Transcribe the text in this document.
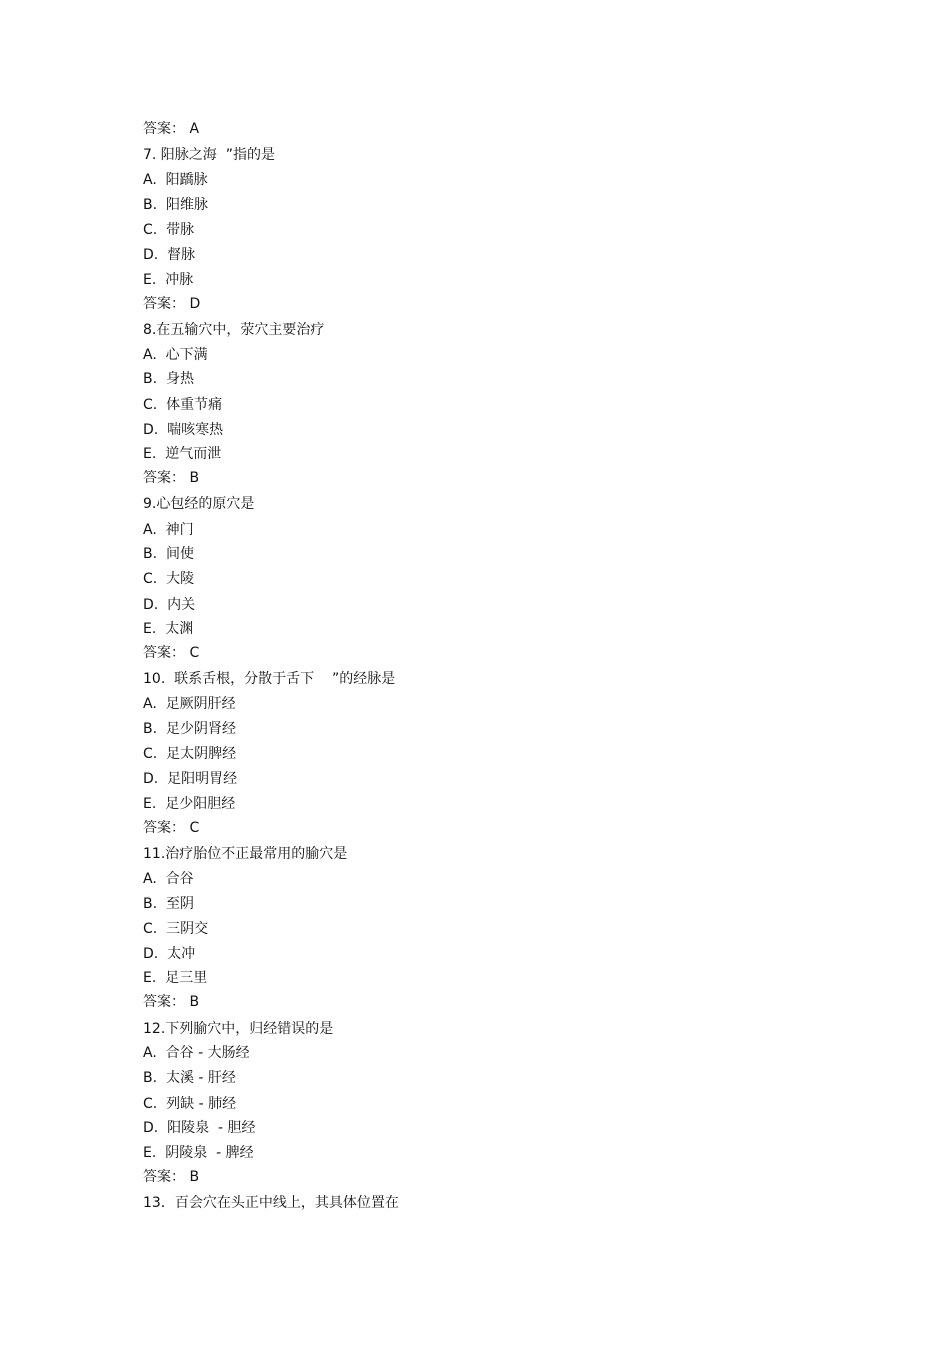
答案： A
7. 阳脉之海  ”指的是
A.  阳蹻脉
B.  阳维脉
C.  带脉
D.  督脉
E.  冲脉
答案： D
8.在五输穴中，荥穴主要治疗
A.  心下满
B.  身热
C.  体重节痛
D.  喘咳寒热
E.  逆气而泄
答案： B
9.心包经的原穴是
A.  神门
B.  间使
C.  大陵
D.  内关
E.  太渊
答案： C
10.  联系舌根，分散于舌下    ”的经脉是
A.  足厥阴肝经
B.  足少阴肾经
C.  足太阴脾经
D.  足阳明胃经
E.  足少阳胆经
答案： C
11.治疗胎位不正最常用的腧穴是
A.  合谷
B.  至阴
C.  三阴交
D.  太冲
E.  足三里
答案： B
12.下列腧穴中，归经错误的是
A.  合谷 - 大肠经
B.  太溪 - 肝经
C.  列缺 - 肺经
D.  阳陵泉  - 胆经
E.  阴陵泉  - 脾经
答案： B
13．百会穴在头正中线上，其具体位置在
